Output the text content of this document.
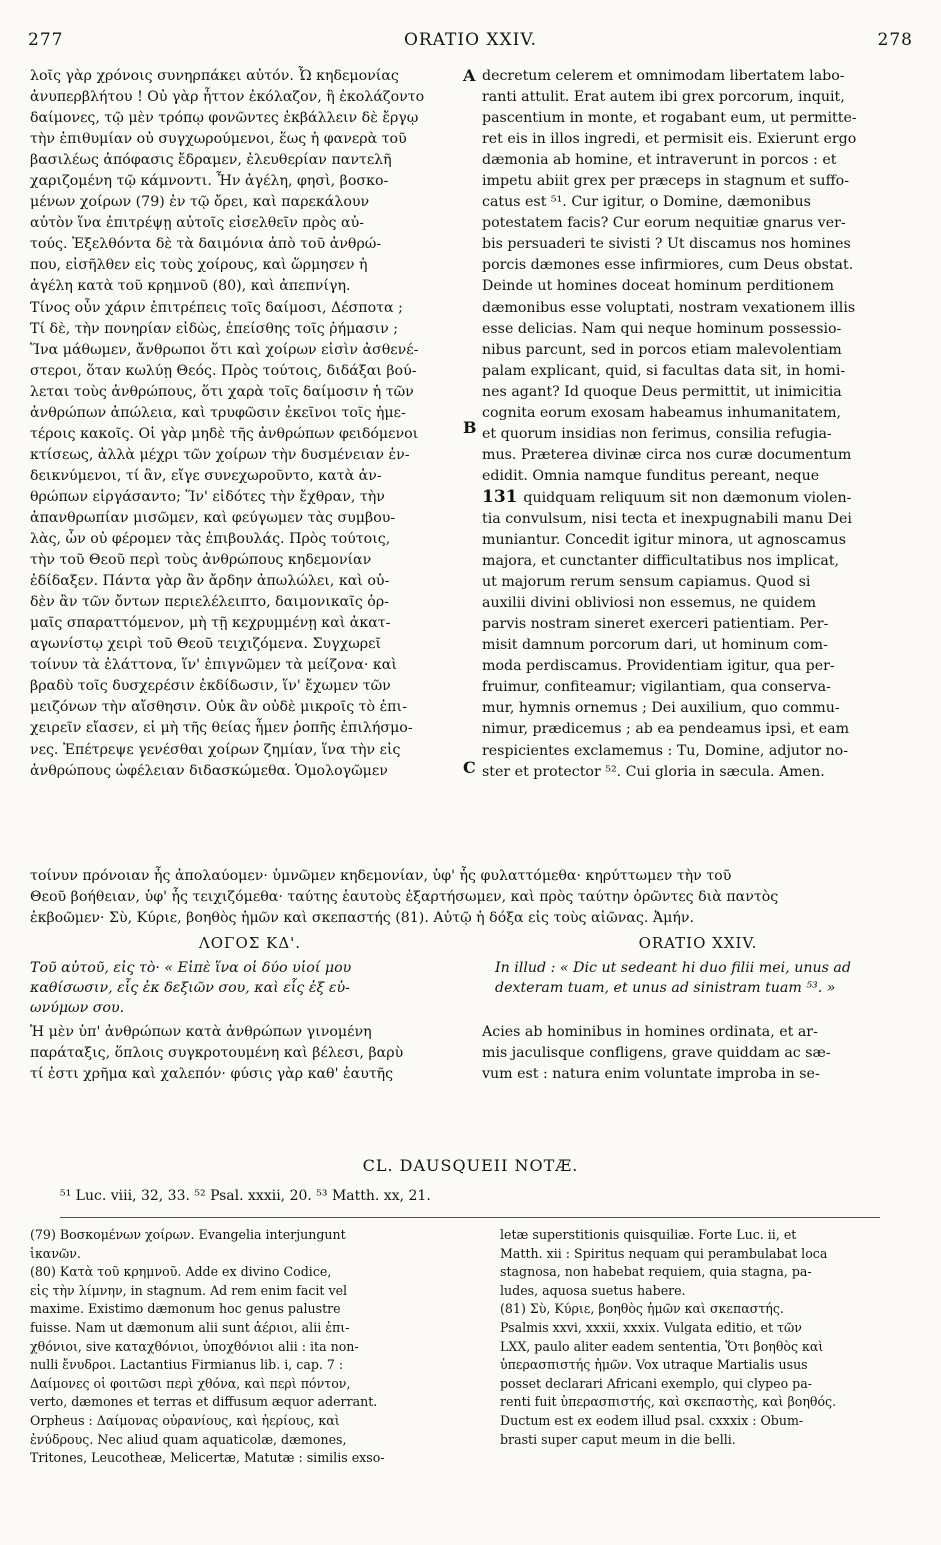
277	ORATIO XXIV.	278

λοῖς γὰρ χρόνοις συνηρπάκει αὐτόν. Ὦ κηδεμονίας

ἀνυπερβλήτου ! Οὐ γὰρ ἧττον ἐκόλαζον, ἢ ἐκολάζοντο

δαίμονες, τῷ μὲν τρόπῳ φονῶντες ἐκβάλλειν δὲ ἔργῳ

τὴν ἐπιθυμίαν οὐ συγχωρούμενοι, ἕως ἡ φανερὰ τοῦ

βασιλέως ἀπόφασις ἔδραμεν, ἐλευθερίαν παντελῆ

χαριζομένη τῷ κάμνοντι. Ἦν ἀγέλη, φησὶ, βοσκο-

μένων χοίρων (79) ἐν τῷ ὄρει, καὶ παρεκάλουν

αὐτὸν ἵνα ἐπιτρέψῃ αὐτοῖς εἰσελθεῖν πρὸς αὐ-

τούς. Ἐξελθόντα δὲ τὰ δαιμόνια ἀπὸ τοῦ ἀνθρώ-

που, εἰσῆλθεν εἰς τοὺς χοίρους, καὶ ὥρμησεν ἡ

ἀγέλη κατὰ τοῦ κρημνοῦ (80), καὶ ἀπεπνίγη.

Τίνος οὖν χάριν ἐπιτρέπεις τοῖς δαίμοσι, Δέσποτα ;

Τί δὲ, τὴν πονηρίαν εἰδὼς, ἐπείσθης τοῖς ῥήμασιν ;

Ἵνα μάθωμεν, ἄνθρωποι ὅτι καὶ χοίρων εἰσὶν ἀσθενέ-

στεροι, ὅταν κωλύῃ Θεός. Πρὸς τούτοις, διδάξαι βού-

λεται τοὺς ἀνθρώπους, ὅτι χαρὰ τοῖς δαίμοσιν ἡ τῶν

ἀνθρώπων ἀπώλεια, καὶ τρυφῶσιν ἐκεῖνοι τοῖς ἡμε-

τέροις κακοῖς. Οἱ γὰρ μηδὲ τῆς ἀνθρώπων φειδόμενοι

κτίσεως, ἀλλὰ μέχρι τῶν χοίρων τὴν δυσμένειαν ἐν-

δεικνύμενοι, τί ἂν, εἴγε συνεχωροῦντο, κατὰ ἀν-

θρώπων εἰργάσαντο; Ἵν' εἰδότες τὴν ἔχθραν, τὴν

ἀπανθρωπίαν μισῶμεν, καὶ φεύγωμεν τὰς συμβου-

λὰς, ὧν οὐ φέρομεν τὰς ἐπιβουλάς. Πρὸς τούτοις,

τὴν τοῦ Θεοῦ περὶ τοὺς ἀνθρώπους κηδεμονίαν

ἐδίδαξεν. Πάντα γὰρ ἂν ἄρδην ἀπωλώλει, καὶ οὐ-

δὲν ἂν τῶν ὄντων περιελέλειπτο, δαιμονικαῖς ὁρ-

μαῖς σπαραττόμενον, μὴ τῇ κεχρυμμένῃ καὶ ἀκατ-

αγωνίστῳ χειρὶ τοῦ Θεοῦ τειχιζόμενα. Συγχωρεῖ

τοίνυν τὰ ἐλάττονα, ἵν' ἐπιγνῶμεν τὰ μείζονα· καὶ

βραδὺ τοῖς δυσχερέσιν ἐκδίδωσιν, ἵν' ἔχωμεν τῶν

μειζόνων τὴν αἴσθησιν. Οὐκ ἂν οὐδὲ μικροῖς τὸ ἐπι-

χειρεῖν εἴασεν, εἰ μὴ τῆς θείας ἦμεν ῥοπῆς ἐπιλήσμο-

νες. Ἐπέτρεψε γενέσθαι χοίρων ζημίαν, ἵνα τὴν εἰς

ἀνθρώπους ὠφέλειαν διδασκώμεθα. Ὁμολογῶμεν

decretum celerem et omnimodam libertatem labo-

ranti attulit. Erat autem ibi grex porcorum, inquit,

pascentium in monte, et rogabant eum, ut permitte-

ret eis in illos ingredi, et permisit eis. Exierunt ergo

dæmonia ab homine, et intraverunt in porcos : et

impetu abiit grex per præceps in stagnum et suffo-

catus est ⁵¹. Cur igitur, o Domine, dæmonibus

potestatem facis? Cur eorum nequitiæ gnarus ver-

bis persuaderi te sivisti ? Ut discamus nos homines

porcis dæmones esse infirmiores, cum Deus obstat.

Deinde ut homines doceat hominum perditionem

dæmonibus esse voluptati, nostram vexationem illis

esse delicias. Nam qui neque hominum possessio-

nibus parcunt, sed in porcos etiam malevolentiam

palam explicant, quid, si facultas data sit, in homi-

nes agant? Id quoque Deus permittit, ut inimicitia

cognita eorum exosam habeamus inhumanitatem,

et quorum insidias non ferimus, consilia refugia-

mus. Præterea divinæ circa nos curæ documentum

edidit. Omnia namque funditus pereant, neque

131 quidquam reliquum sit non dæmonum violen-

tia convulsum, nisi tecta et inexpugnabili manu Dei

muniantur. Concedit igitur minora, ut agnoscamus

majora, et cunctanter difficultatibus nos implicat,

ut majorum rerum sensum capiamus. Quod si

auxilii divini obliviosi non essemus, ne quidem

parvis nostram sineret exerceri patientiam. Per-

misit damnum porcorum dari, ut hominum com-

moda perdiscamus. Providentiam igitur, qua per-

fruimur, confiteamur; vigilantiam, qua conserva-

mur, hymnis ornemus ; Dei auxilium, quo commu-

nimur, prædicemus ; ab ea pendeamus ipsi, et eam

respicientes exclamemus : Tu, Domine, adjutor no-

ster et protector ⁵². Cui gloria in sæcula. Amen.

A
B
C

τοίνυν πρόνοιαν ἧς ἀπολαύομεν· ὑμνῶμεν κηδεμονίαν, ὑφ' ἧς φυλαττόμεθα· κηρύττωμεν τὴν τοῦ

Θεοῦ βοήθειαν, ὑφ' ἧς τειχιζόμεθα· ταύτης ἑαυτοὺς ἐξαρτήσωμεν, καὶ πρὸς ταύτην ὁρῶντες διὰ παντὸς

ἐκβοῶμεν· Σὺ, Κύριε, βοηθὸς ἡμῶν καὶ σκεπαστής (81). Αὐτῷ ἡ δόξα εἰς τοὺς αἰῶνας. Ἀμήν.

ΛΟΓΟΣ ΚΔ'.	ORATIO XXIV.

Τοῦ αὐτοῦ, εἰς τὸ· « Εἰπὲ ἵνα οἱ δύο υἱοί μου

καθίσωσιν, εἷς ἐκ δεξιῶν σου, καὶ εἷς ἐξ εὐ-

ωνύμων σου.

In illud : « Dic ut sedeant hi duo filii mei, unus ad

dexteram tuam, et unus ad sinistram tuam ⁵³. »

Ἡ μὲν ὑπ' ἀνθρώπων κατὰ ἀνθρώπων γινομένη

παράταξις, ὅπλοις συγκροτουμένη καὶ βέλεσι, βαρὺ

τί ἐστι χρῆμα καὶ χαλεπόν· φύσις γὰρ καθ' ἑαυτῆς

Acies ab hominibus in homines ordinata, et ar-

mis jaculisque confligens, grave quiddam ac sæ-

vum est : natura enim voluntate improba in se-

CL. DAUSQUEII NOTÆ.
⁵¹ Luc. viii, 32, 33. ⁵² Psal. xxxii, 20. ⁵³ Matth. xx, 21.

(79) Βοσκομένων χοίρων. Evangelia interjungunt

ἱκανῶν.

(80) Κατὰ τοῦ κρημνοῦ. Adde ex divino Codice,

εἰς τὴν λίμνην, in stagnum. Ad rem enim facit vel

maxime. Existimo dæmonum hoc genus palustre

fuisse. Nam ut dæmonum alii sunt ἀέριοι, alii ἐπι-

χθόνιοι, sive καταχθόνιοι, ὑποχθόνιοι alii : ita non-

nulli ἔνυδροι. Lactantius Firmianus lib. i, cap. 7 :

Δαίμονες οἱ φοιτῶσι περὶ χθόνα, καὶ περὶ πόντον,

verto, dæmones et terras et diffusum æquor aderrant.

Orpheus : Δαίμονας οὐρανίους, καὶ ἠερίους, καὶ

ἐνύδρους. Nec aliud quam aquaticolæ, dæmones,

Tritones, Leucotheæ, Melicertæ, Matutæ : similis exso-

letæ superstitionis quisquiliæ. Forte Luc. ii, et

Matth. xii : Spiritus nequam qui perambulabat loca

stagnosa, non habebat requiem, quia stagna, pa-

ludes, aquosa suetus habere.

(81) Σὺ, Κύριε, βοηθὸς ἡμῶν καὶ σκεπαστής.

Psalmis xxvi, xxxii, xxxix. Vulgata editio, et τῶν

LXX, paulo aliter eadem sententia, Ὅτι βοηθὸς καὶ

ὑπερασπιστής ἡμῶν. Vox utraque Martialis usus

posset declarari Africani exemplo, qui clypeo pa-

renti fuit ὑπερασπιστής, καὶ σκεπαστὴς, καὶ βοηθός.

Ductum est ex eodem illud psal. cxxxix : Obum-

brasti super caput meum in die belli.
